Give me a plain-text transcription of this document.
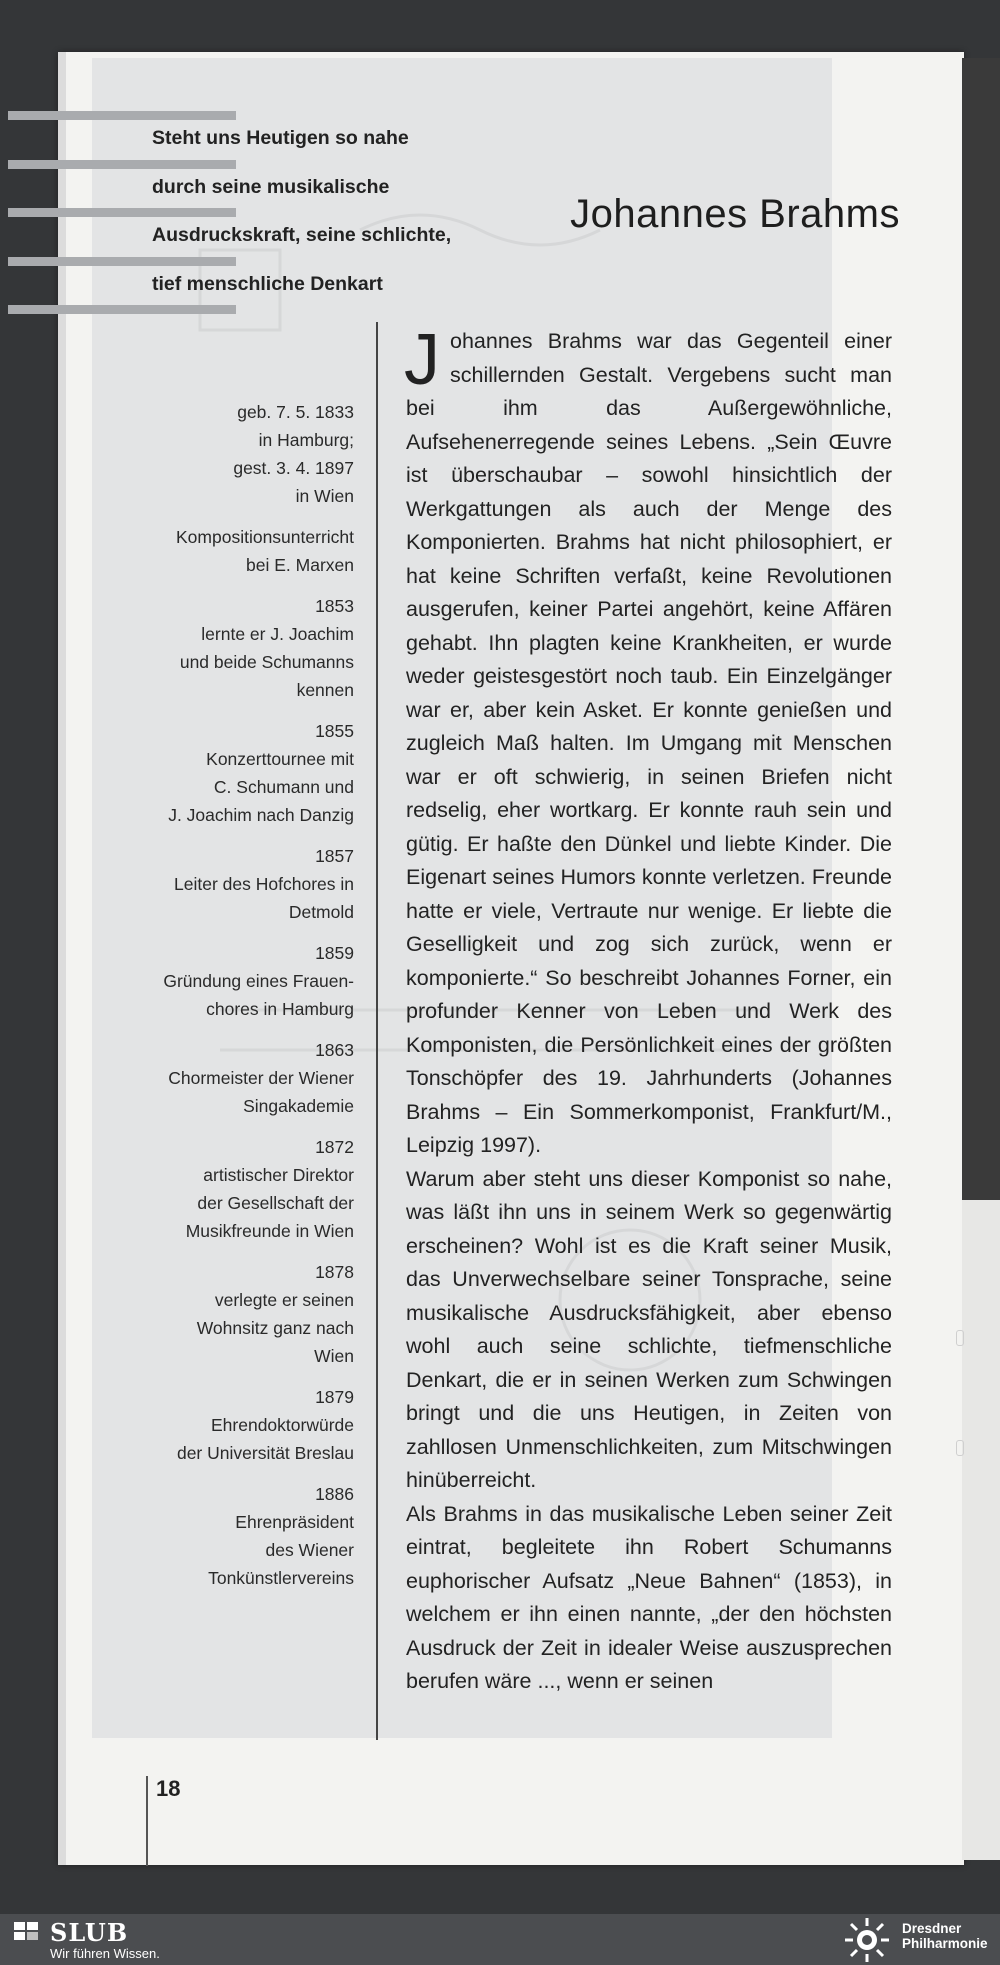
Steht uns Heutigen so nahe
durch seine musikalische
Ausdruckskraft, seine schlichte,
tief menschliche Denkart
Johannes Brahms
geb. 7. 5. 1833
in Hamburg;
gest. 3. 4. 1897
in Wien
Kompositionsunterricht
bei E. Marxen
1853
lernte er J. Joachim
und beide Schumanns
kennen
1855
Konzerttournee mit
C. Schumann und
J. Joachim nach Danzig
1857
Leiter des Hofchores in
Detmold
1859
Gründung eines Frauen-
chores in Hamburg
1863
Chormeister der Wiener
Singakademie
1872
artistischer Direktor
der Gesellschaft der
Musikfreunde in Wien
1878
verlegte er seinen
Wohnsitz ganz nach
Wien
1879
Ehrendoktorwürde
der Universität Breslau
1886
Ehrenpräsident
des Wiener
Tonkünstlervereins

Johannes Brahms war das Gegenteil einer schillernden Gestalt. Vergebens sucht man bei ihm das Außergewöhnliche, Aufsehenerregende seines Lebens. „Sein Œuvre ist überschaubar – sowohl hinsichtlich der Werkgattungen als auch der Menge des Komponierten. Brahms hat nicht philosophiert, er hat keine Schriften verfaßt, keine Revolutionen ausgerufen, keiner Partei angehört, keine Affären gehabt. Ihn plagten keine Krankheiten, er wurde weder geistesgestört noch taub. Ein Einzelgänger war er, aber kein Asket. Er konnte genießen und zugleich Maß halten. Im Umgang mit Menschen war er oft schwierig, in seinen Briefen nicht redselig, eher wortkarg. Er konnte rauh sein und gütig. Er haßte den Dünkel und liebte Kinder. Die Eigenart seines Humors konnte verletzen. Freunde hatte er viele, Vertraute nur wenige. Er liebte die Geselligkeit und zog sich zurück, wenn er komponierte.“ So beschreibt Johannes Forner, ein profunder Kenner von Leben und Werk des Komponisten, die Persönlichkeit eines der größten Tonschöpfer des 19. Jahrhunderts (Johannes Brahms – Ein Sommerkomponist, Frankfurt/M., Leipzig 1997).

Warum aber steht uns dieser Komponist so nahe, was läßt ihn uns in seinem Werk so gegenwärtig erscheinen? Wohl ist es die Kraft seiner Musik, das Unverwechselbare seiner Tonsprache, seine musikalische Ausdrucksfähigkeit, aber ebenso wohl auch seine schlichte, tiefmenschliche Denkart, die er in seinen Werken zum Schwingen bringt und die uns Heutigen, in Zeiten von zahllosen Unmenschlichkeiten, zum Mitschwingen hinüberreicht.

Als Brahms in das musikalische Leben seiner Zeit eintrat, begleitete ihn Robert Schumanns euphorischer Aufsatz „Neue Bahnen“ (1853), in welchem er ihn einen nannte, „der den höchsten Ausdruck der Zeit in idealer Weise auszusprechen berufen wäre ..., wenn er seinen

18
SLUB
Wir führen Wissen.
Dresdner
Philharmonie
